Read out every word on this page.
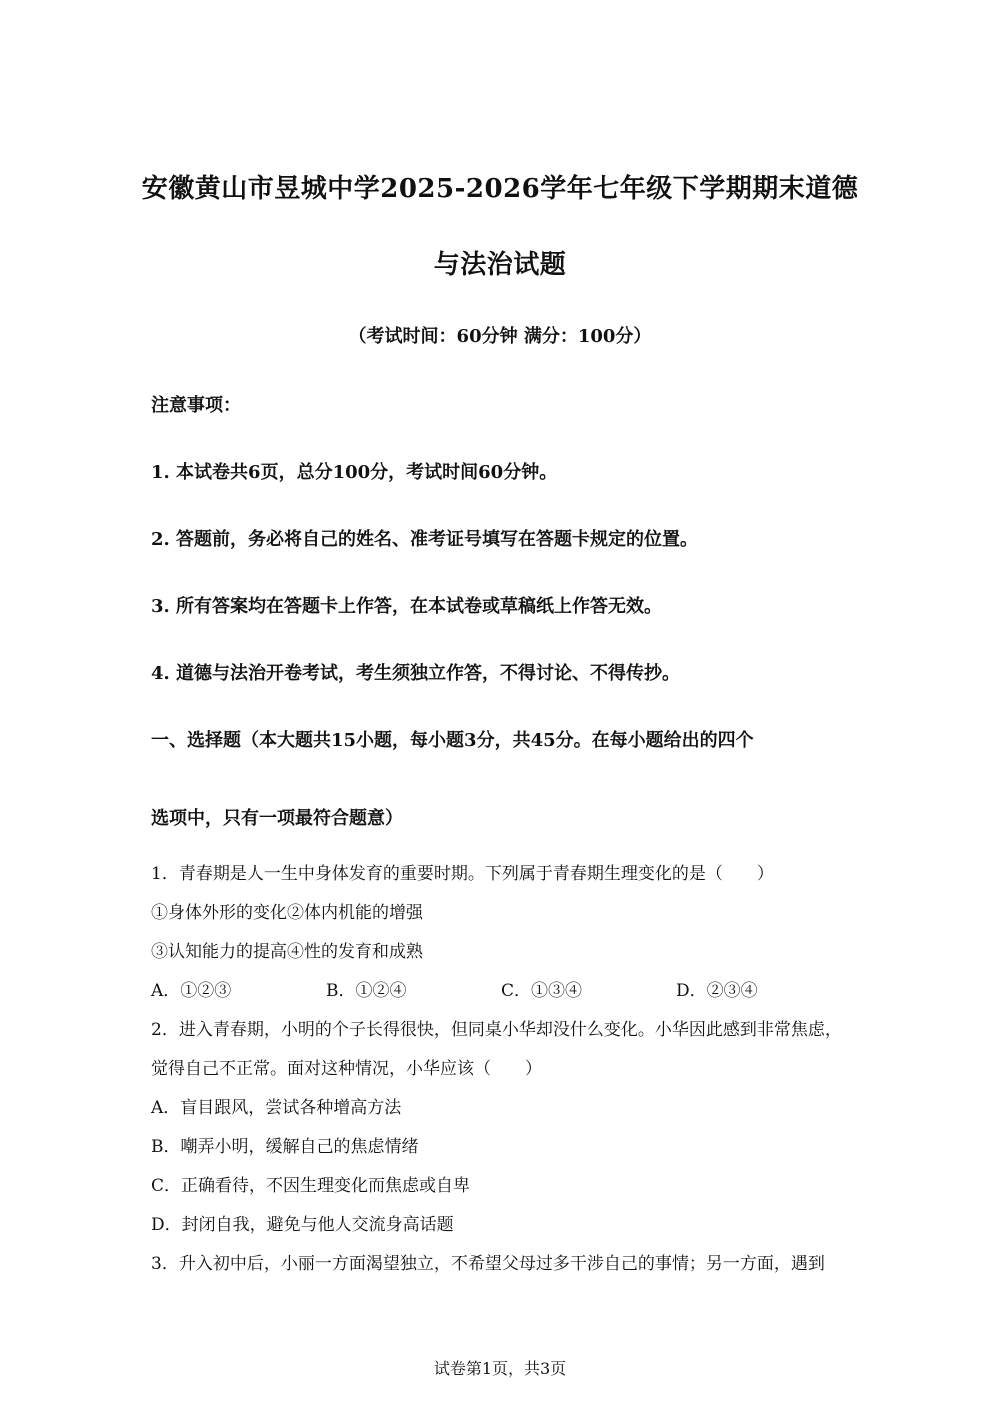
安徽黄山市昱城中学2025-2026学年七年级下学期期末道德
与法治试题
（考试时间：60分钟 满分：100分）
注意事项：
1. 本试卷共6页，总分100分，考试时间60分钟。
2. 答题前，务必将自己的姓名、准考证号填写在答题卡规定的位置。
3. 所有答案均在答题卡上作答，在本试卷或草稿纸上作答无效。
4. 道德与法治开卷考试，考生须独立作答，不得讨论、不得传抄。
一、选择题（本大题共15小题，每小题3分，共45分。在每小题给出的四个
选项中，只有一项最符合题意）
1．青春期是人一生中身体发育的重要时期。下列属于青春期生理变化的是（　　）
①身体外形的变化②体内机能的增强
③认知能力的提高④性的发育和成熟
A．①②③	B．①②④	C．①③④	D．②③④
2．进入青春期，小明的个子长得很快，但同桌小华却没什么变化。小华因此感到非常焦虑，
觉得自己不正常。面对这种情况，小华应该（　　）
A．盲目跟风，尝试各种增高方法
B．嘲弄小明，缓解自己的焦虑情绪
C．正确看待，不因生理变化而焦虑或自卑
D．封闭自我，避免与他人交流身高话题
3．升入初中后，小丽一方面渴望独立，不希望父母过多干涉自己的事情；另一方面，遇到
试卷第1页，共3页
